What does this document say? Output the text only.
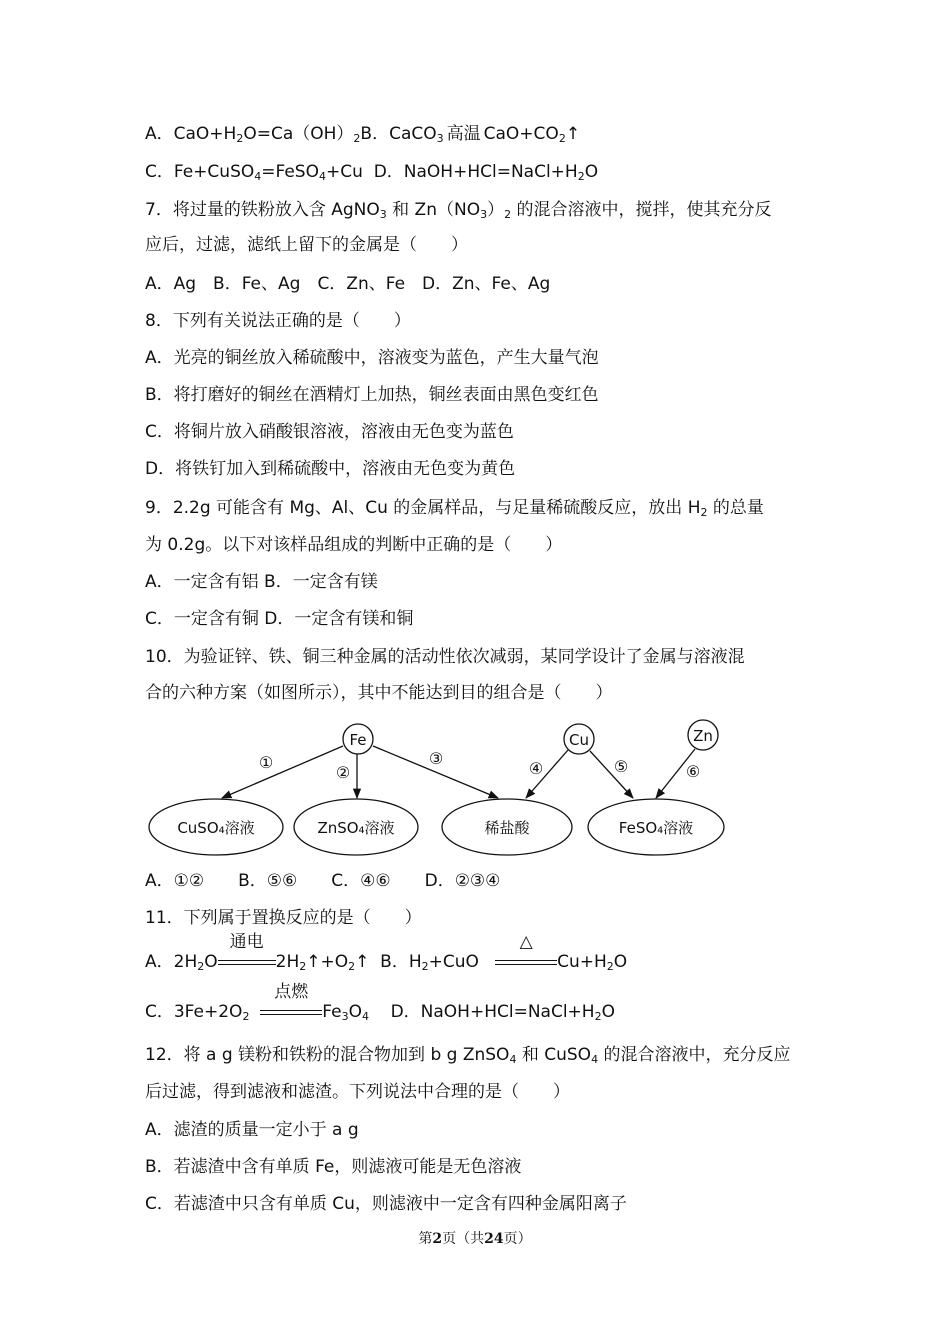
A．$CaO+H_2O=Ca(OH)_2B$．CaCO$_3$ 高温 $CaO+CO_2↑$
C．Fe+CuSO$_4$=FeSO$_4$+Cu D．$NaOH+HCl=NaCl+H_2O$
7．将过量的铁粉放入含 AgNO$_3$ 和 $Zn(NO_3)_2$ 的混合溶液中，搅拌，使其充分反
应后，过滤，滤纸上留下的金属是（　　）
A．Ag　B．Fe、Ag　C．Zn、Fe　D．Zn、Fe、Ag
8．下列有关说法正确的是（　　）
A．光亮的铜丝放入稀硫酸中，溶液变为蓝色，产生大量气泡
B．将打磨好的铜丝在酒精灯上加热，铜丝表面由黑色变红色
C．将铜片放入硝酸银溶液，溶液由无色变为蓝色
D．将铁钉加入到稀硫酸中，溶液由无色变为黄色
9．2.2g 可能含有 Mg、Al、Cu 的金属样品，与足量稀硫酸反应，放出 $H_2$ 的总量
为 0.2g。以下对该样品组成的判断中正确的是（　　）
A．一定含有铝 B．一定含有镁
C．一定含有铜 D．一定含有镁和铜
10．为验证锌、铁、铜三种金属的活动性依次减弱，某同学设计了金属与溶液混
合的六种方案（如图所示），其中不能达到目的组合是（　　）
Fe	Cu	Zn
CuSO₄溶液	ZnSO₄溶液	稀盐酸	FeSO₄溶液
①
②
③
④	⑤	⑥
A．①②　　B．⑤⑥　　C．④⑥　　D．②③④
11．下列属于置换反应的是（　　）
A．$2H_2O$
通电
$2H_2↑+O_2↑$ B．$H_2+CuO$
△
$Cu+H_2O$
C．$3Fe+2O_2$
点燃
$Fe_3O_4$ D．$NaOH+HCl=NaCl+H_2O$
12．将 a g 镁粉和铁粉的混合物加到 b g ZnSO$_4$ 和 CuSO$_4$ 的混合溶液中，充分反应
后过滤，得到滤液和滤渣。下列说法中合理的是（　　）
A．滤渣的质量一定小于 a g
B．若滤渣中含有单质 Fe，则滤液可能是无色溶液
C．若滤渣中只含有单质 Cu，则滤液中一定含有四种金属阳离子
第2页（共24页）
